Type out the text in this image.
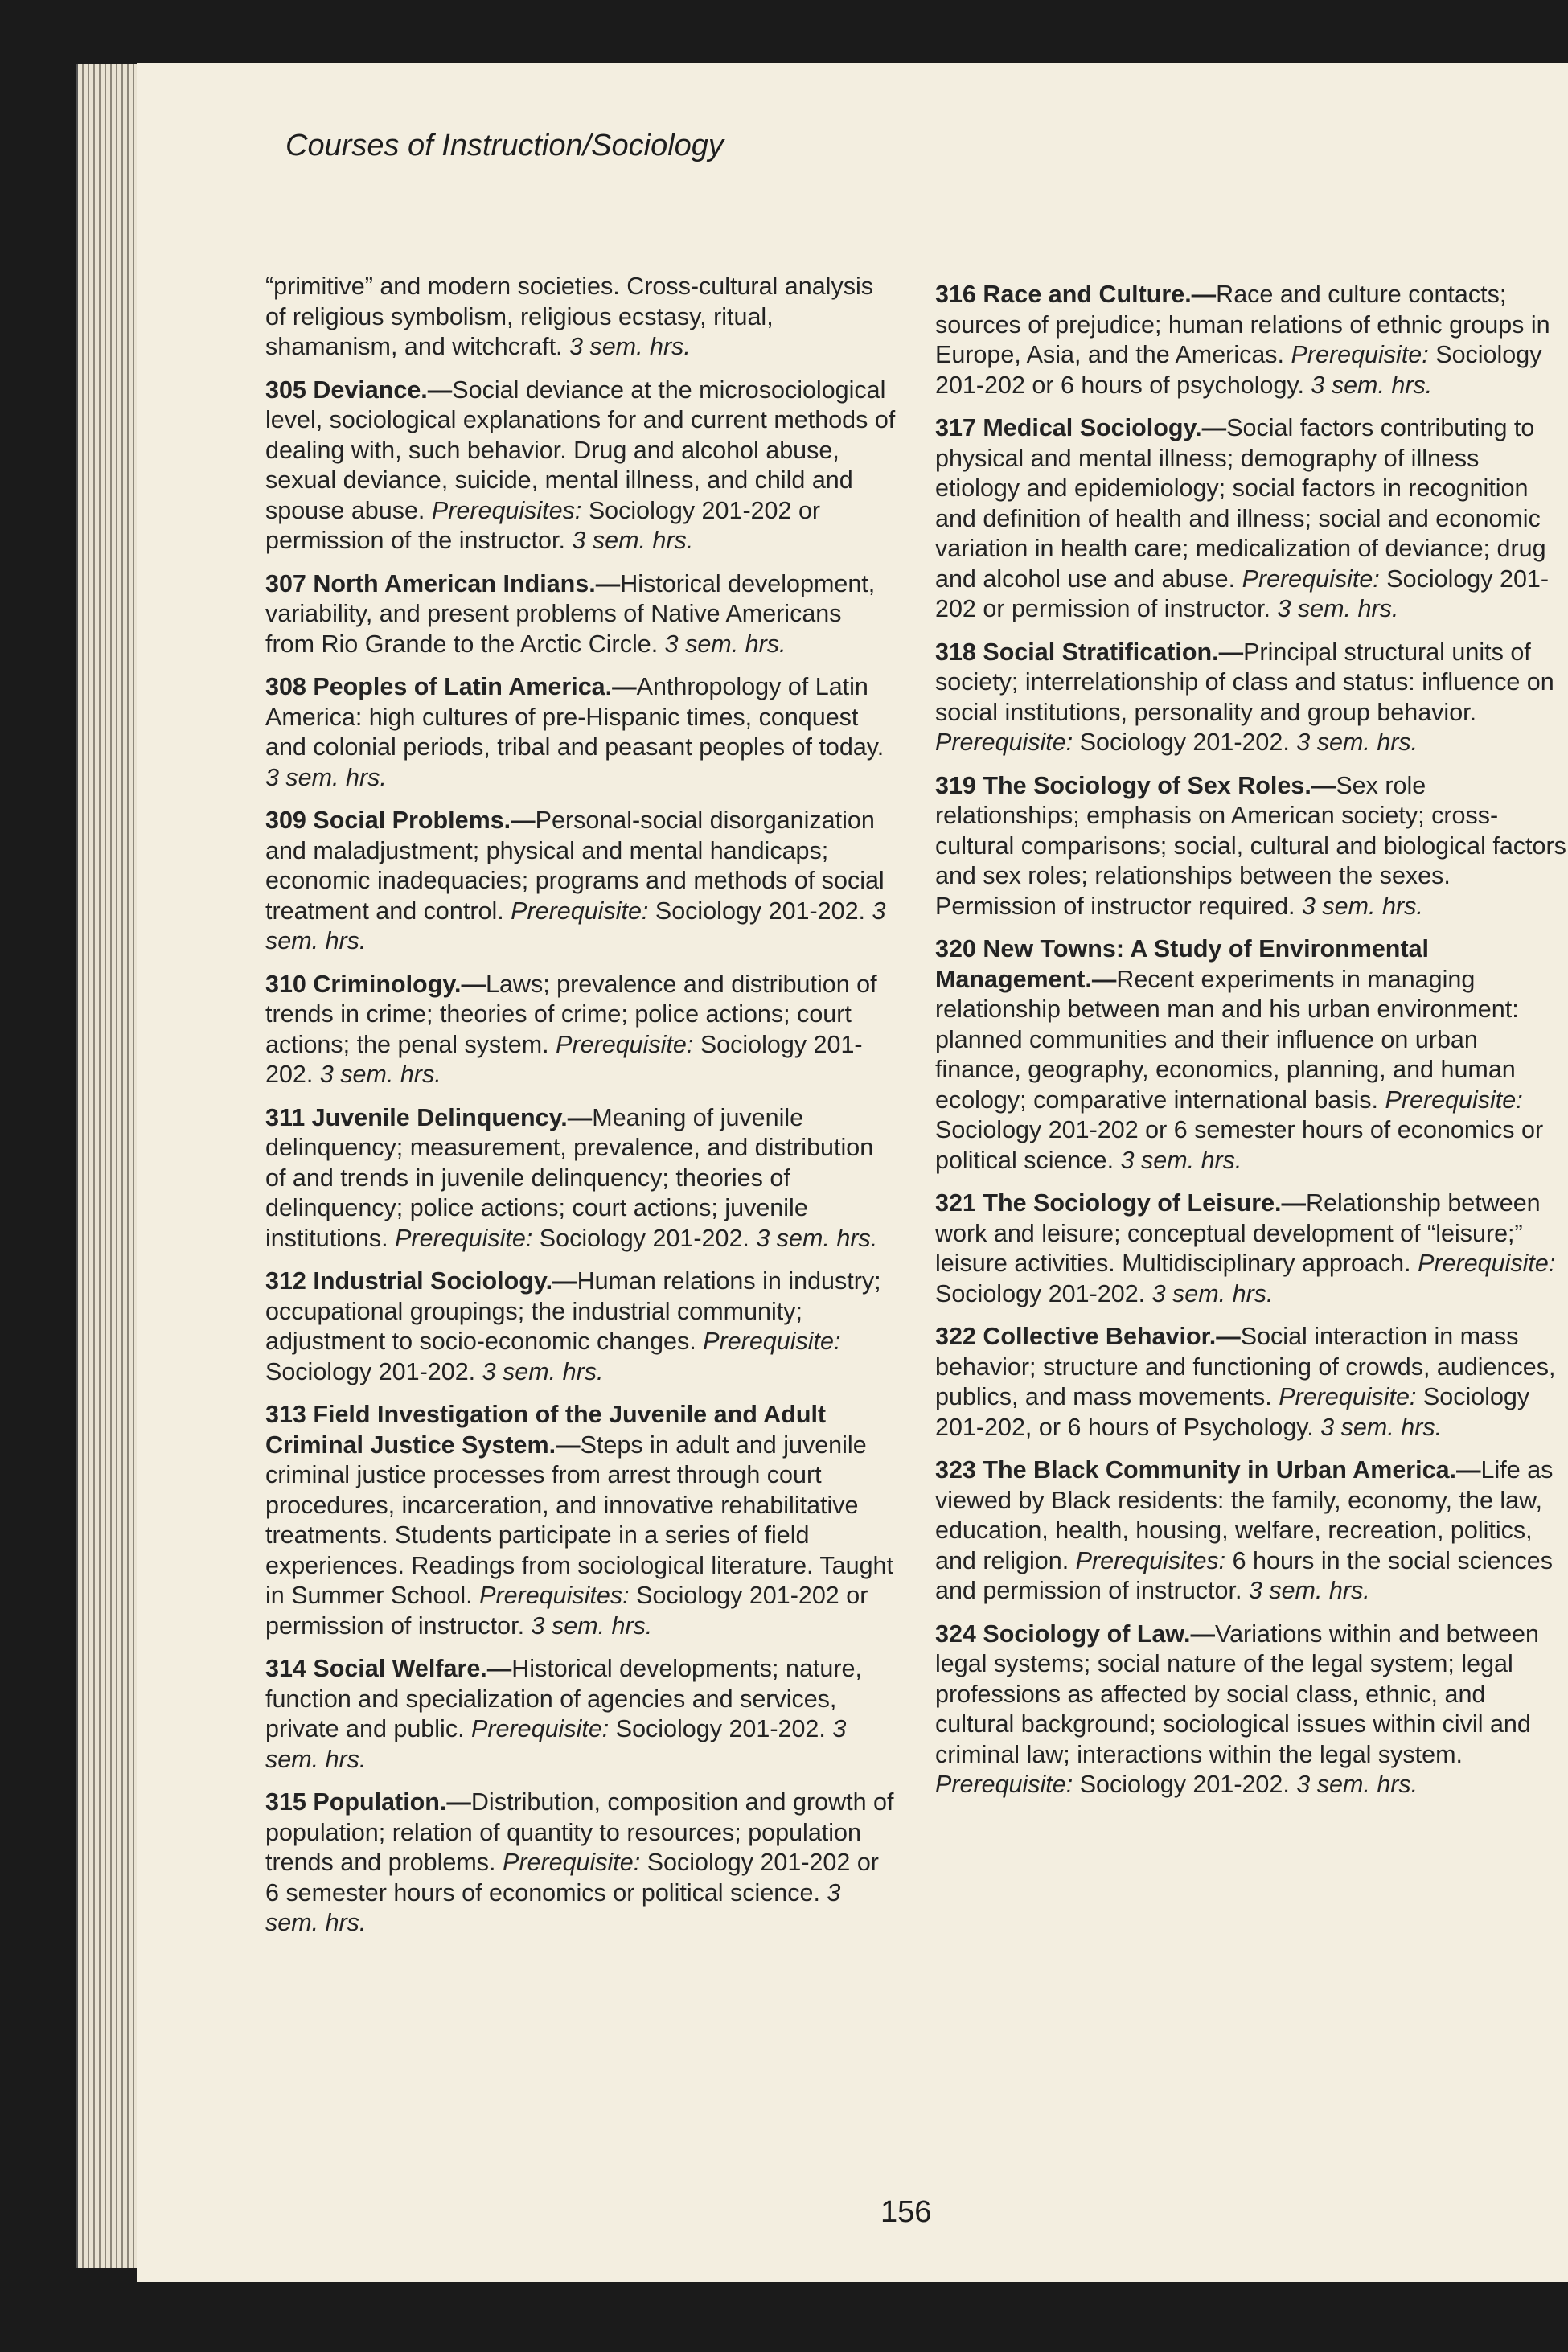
Courses of Instruction/Sociology

“primitive” and modern societies. Cross-cultural analysis of religious symbolism, religious ecstasy, ritual, shamanism, and witchcraft. 3 sem. hrs.

305 Deviance.—Social deviance at the microsociological level, sociological explanations for and current methods of dealing with, such behavior. Drug and alcohol abuse, sexual deviance, suicide, mental illness, and child and spouse abuse. Prerequisites: Sociology 201-202 or permission of the instructor. 3 sem. hrs.

307 North American Indians.—Historical development, variability, and present problems of Native Americans from Rio Grande to the Arctic Circle. 3 sem. hrs.

308 Peoples of Latin America.—Anthropology of Latin America: high cultures of pre-Hispanic times, conquest and colonial periods, tribal and peasant peoples of today. 3 sem. hrs.

309 Social Problems.—Personal-social disorganization and maladjustment; physical and mental handicaps; economic inadequacies; programs and methods of social treatment and control. Prerequisite: Sociology 201-202. 3 sem. hrs.

310 Criminology.—Laws; prevalence and distribution of trends in crime; theories of crime; police actions; court actions; the penal system. Prerequisite: Sociology 201-202. 3 sem. hrs.

311 Juvenile Delinquency.—Meaning of juvenile delinquency; measurement, prevalence, and distribution of and trends in juvenile delinquency; theories of delinquency; police actions; court actions; juvenile institutions. Prerequisite: Sociology 201-202. 3 sem. hrs.

312 Industrial Sociology.—Human relations in industry; occupational groupings; the industrial community; adjustment to socio-economic changes. Prerequisite: Sociology 201-202. 3 sem. hrs.

313 Field Investigation of the Juvenile and Adult Criminal Justice System.—Steps in adult and juvenile criminal justice processes from arrest through court procedures, incarceration, and innovative rehabilitative treatments. Students participate in a series of field experiences. Readings from sociological literature. Taught in Summer School. Prerequisites: Sociology 201-202 or permission of instructor. 3 sem. hrs.

314 Social Welfare.—Historical developments; nature, function and specialization of agencies and services, private and public. Prerequisite: Sociology 201-202. 3 sem. hrs.

315 Population.—Distribution, composition and growth of population; relation of quantity to resources; population trends and problems. Prerequisite: Sociology 201-202 or 6 semester hours of economics or political science. 3 sem. hrs.

316 Race and Culture.—Race and culture contacts; sources of prejudice; human relations of ethnic groups in Europe, Asia, and the Americas. Prerequisite: Sociology 201-202 or 6 hours of psychology. 3 sem. hrs.

317 Medical Sociology.—Social factors contributing to physical and mental illness; demography of illness etiology and epidemiology; social factors in recognition and definition of health and illness; social and economic variation in health care; medicalization of deviance; drug and alcohol use and abuse. Prerequisite: Sociology 201-202 or permission of instructor. 3 sem. hrs.

318 Social Stratification.—Principal structural units of society; interrelationship of class and status: influence on social institutions, personality and group behavior. Prerequisite: Sociology 201-202. 3 sem. hrs.

319 The Sociology of Sex Roles.—Sex role relationships; emphasis on American society; cross-cultural comparisons; social, cultural and biological factors and sex roles; relationships between the sexes. Permission of instructor required. 3 sem. hrs.

320 New Towns: A Study of Environmental Management.—Recent experiments in managing relationship between man and his urban environment: planned communities and their influence on urban finance, geography, economics, planning, and human ecology; comparative international basis. Prerequisite: Sociology 201-202 or 6 semester hours of economics or political science. 3 sem. hrs.

321 The Sociology of Leisure.—Relationship between work and leisure; conceptual development of “leisure;” leisure activities. Multidisciplinary approach. Prerequisite: Sociology 201-202. 3 sem. hrs.

322 Collective Behavior.—Social interaction in mass behavior; structure and functioning of crowds, audiences, publics, and mass movements. Prerequisite: Sociology 201-202, or 6 hours of Psychology. 3 sem. hrs.

323 The Black Community in Urban America.—Life as viewed by Black residents: the family, economy, the law, education, health, housing, welfare, recreation, politics, and religion. Prerequisites: 6 hours in the social sciences and permission of instructor. 3 sem. hrs.

324 Sociology of Law.—Variations within and between legal systems; social nature of the legal system; legal professions as affected by social class, ethnic, and cultural background; sociological issues within civil and criminal law; interactions within the legal system. Prerequisite: Sociology 201-202. 3 sem. hrs.

156
